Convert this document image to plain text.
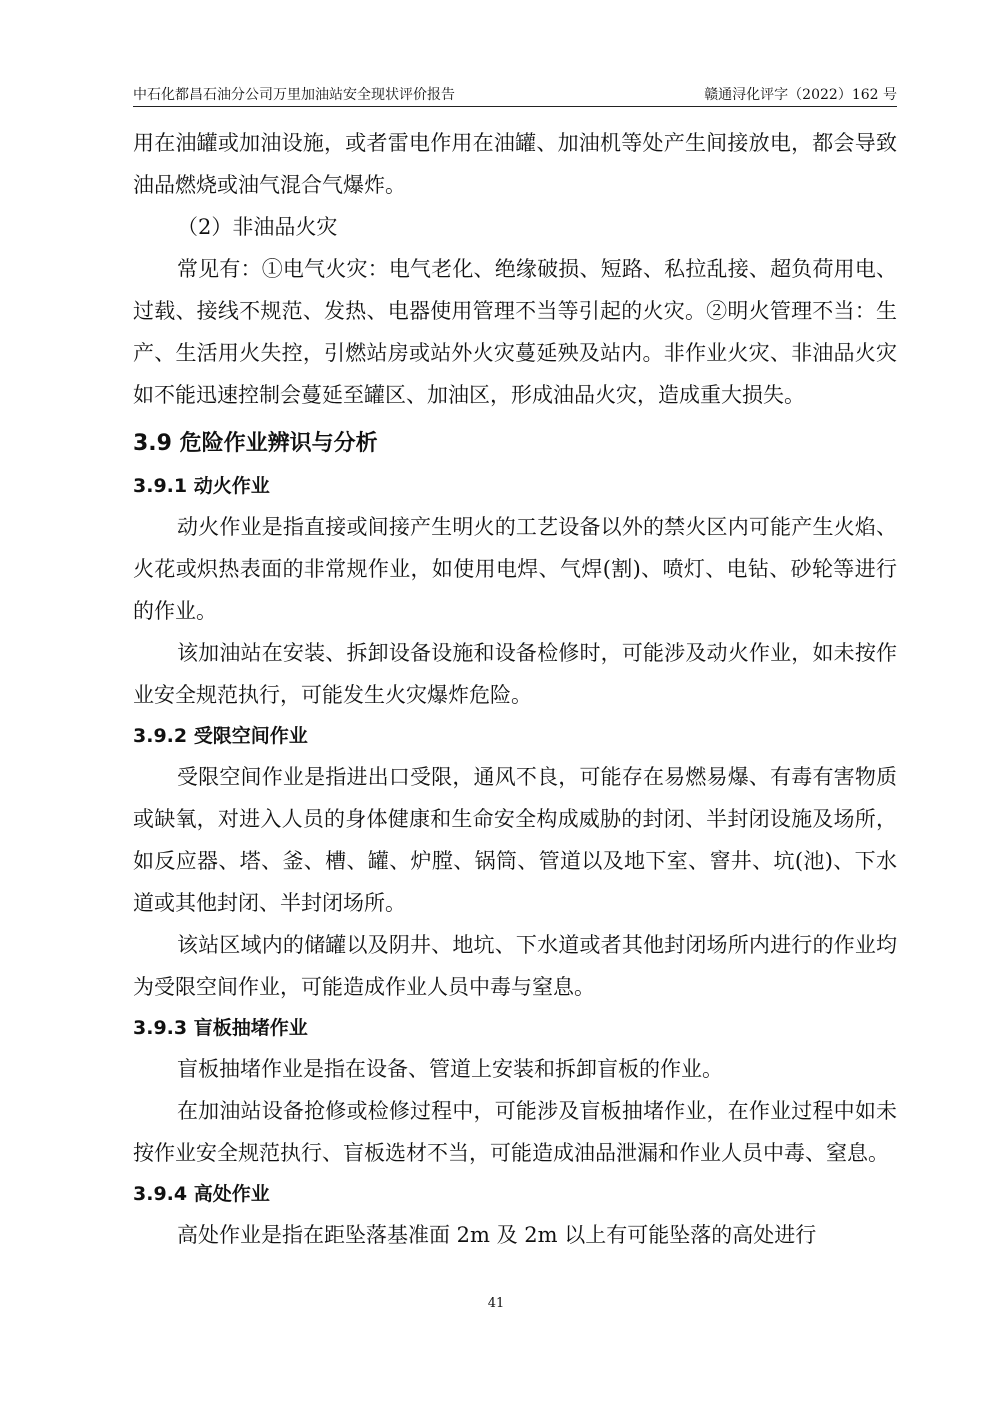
中石化都昌石油分公司万里加油站安全现状评价报告	赣通浔化评字（2022）162 号

用在油罐或加油设施，或者雷电作用在油罐、加油机等处产生间接放电，都会导致油品燃烧或油气混合气爆炸。

（2）非油品火灾

常见有：①电气火灾：电气老化、绝缘破损、短路、私拉乱接、超负荷用电、过载、接线不规范、发热、电器使用管理不当等引起的火灾。②明火管理不当：生产、生活用火失控，引燃站房或站外火灾蔓延殃及站内。非作业火灾、非油品火灾如不能迅速控制会蔓延至罐区、加油区，形成油品火灾，造成重大损失。

3.9 危险作业辨识与分析
3.9.1 动火作业

动火作业是指直接或间接产生明火的工艺设备以外的禁火区内可能产生火焰、火花或炽热表面的非常规作业，如使用电焊、气焊(割)、喷灯、电钻、砂轮等进行的作业。

该加油站在安装、拆卸设备设施和设备检修时，可能涉及动火作业，如未按作业安全规范执行，可能发生火灾爆炸危险。

3.9.2 受限空间作业

受限空间作业是指进出口受限，通风不良，可能存在易燃易爆、有毒有害物质或缺氧，对进入人员的身体健康和生命安全构成威胁的封闭、半封闭设施及场所，如反应器、塔、釜、槽、罐、炉膛、锅筒、管道以及地下室、窨井、坑(池)、下水道或其他封闭、半封闭场所。

该站区域内的储罐以及阴井、地坑、下水道或者其他封闭场所内进行的作业均为受限空间作业，可能造成作业人员中毒与窒息。

3.9.3 盲板抽堵作业

盲板抽堵作业是指在设备、管道上安装和拆卸盲板的作业。

在加油站设备抢修或检修过程中，可能涉及盲板抽堵作业，在作业过程中如未按作业安全规范执行、盲板选材不当，可能造成油品泄漏和作业人员中毒、窒息。

3.9.4 高处作业

高处作业是指在距坠落基准面 2m 及 2m 以上有可能坠落的高处进行

41
